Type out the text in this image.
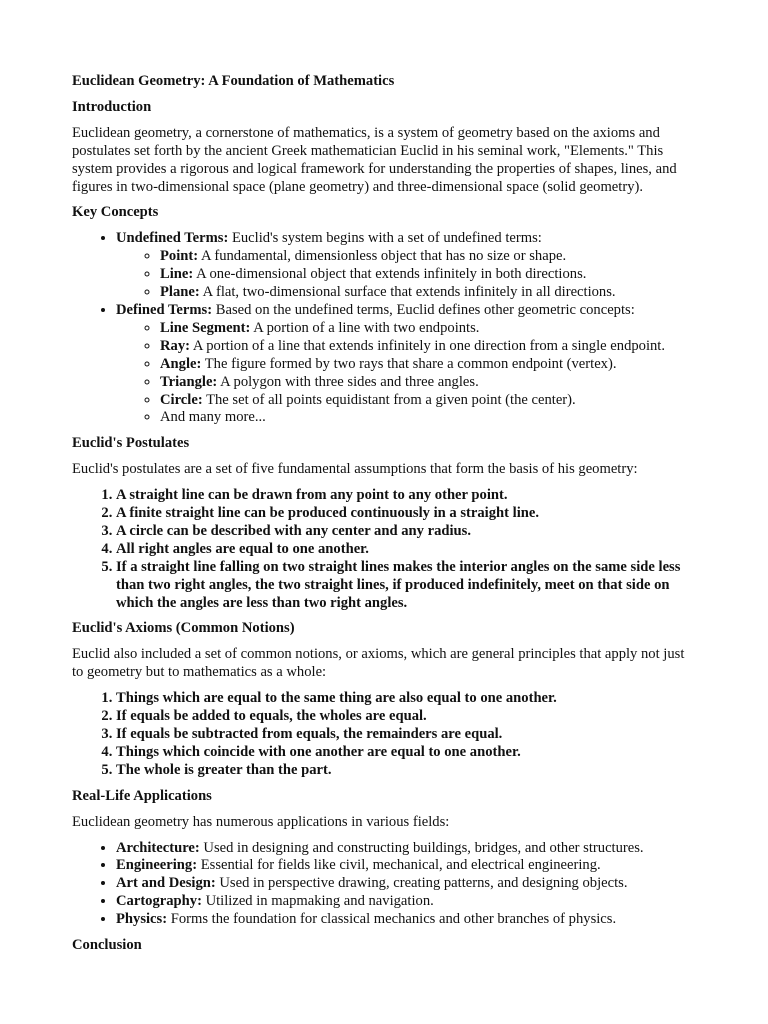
Euclidean Geometry: A Foundation of Mathematics
Introduction

Euclidean geometry, a cornerstone of mathematics, is a system of geometry based on the axioms and postulates set forth by the ancient Greek mathematician Euclid in his seminal work, "Elements." This system provides a rigorous and logical framework for understanding the properties of shapes, lines, and figures in two-dimensional space (plane geometry) and three-dimensional space (solid geometry).

Key Concepts
• Undefined Terms: Euclid's system begins with a set of undefined terms:
◦ Point: A fundamental, dimensionless object that has no size or shape.
◦ Line: A one-dimensional object that extends infinitely in both directions.
◦ Plane: A flat, two-dimensional surface that extends infinitely in all directions.
• Defined Terms: Based on the undefined terms, Euclid defines other geometric concepts:
◦ Line Segment: A portion of a line with two endpoints.
◦ Ray: A portion of a line that extends infinitely in one direction from a single endpoint.
◦ Angle: The figure formed by two rays that share a common endpoint (vertex).
◦ Triangle: A polygon with three sides and three angles.
◦ Circle: The set of all points equidistant from a given point (the center).
◦ And many more...
Euclid's Postulates

Euclid's postulates are a set of five fundamental assumptions that form the basis of his geometry:

1. A straight line can be drawn from any point to any other point.
2. A finite straight line can be produced continuously in a straight line.
3. A circle can be described with any center and any radius.
4. All right angles are equal to one another.
5. If a straight line falling on two straight lines makes the interior angles on the same side less than two right angles, the two straight lines, if produced indefinitely, meet on that side on which the angles are less than two right angles.
Euclid's Axioms (Common Notions)

Euclid also included a set of common notions, or axioms, which are general principles that apply not just to geometry but to mathematics as a whole:

1. Things which are equal to the same thing are also equal to one another.
2. If equals be added to equals, the wholes are equal.
3. If equals be subtracted from equals, the remainders are equal.
4. Things which coincide with one another are equal to one another.
5. The whole is greater than the part.
Real-Life Applications

Euclidean geometry has numerous applications in various fields:

• Architecture: Used in designing and constructing buildings, bridges, and other structures.
• Engineering: Essential for fields like civil, mechanical, and electrical engineering.
• Art and Design: Used in perspective drawing, creating patterns, and designing objects.
• Cartography: Utilized in mapmaking and navigation.
• Physics: Forms the foundation for classical mechanics and other branches of physics.
Conclusion
